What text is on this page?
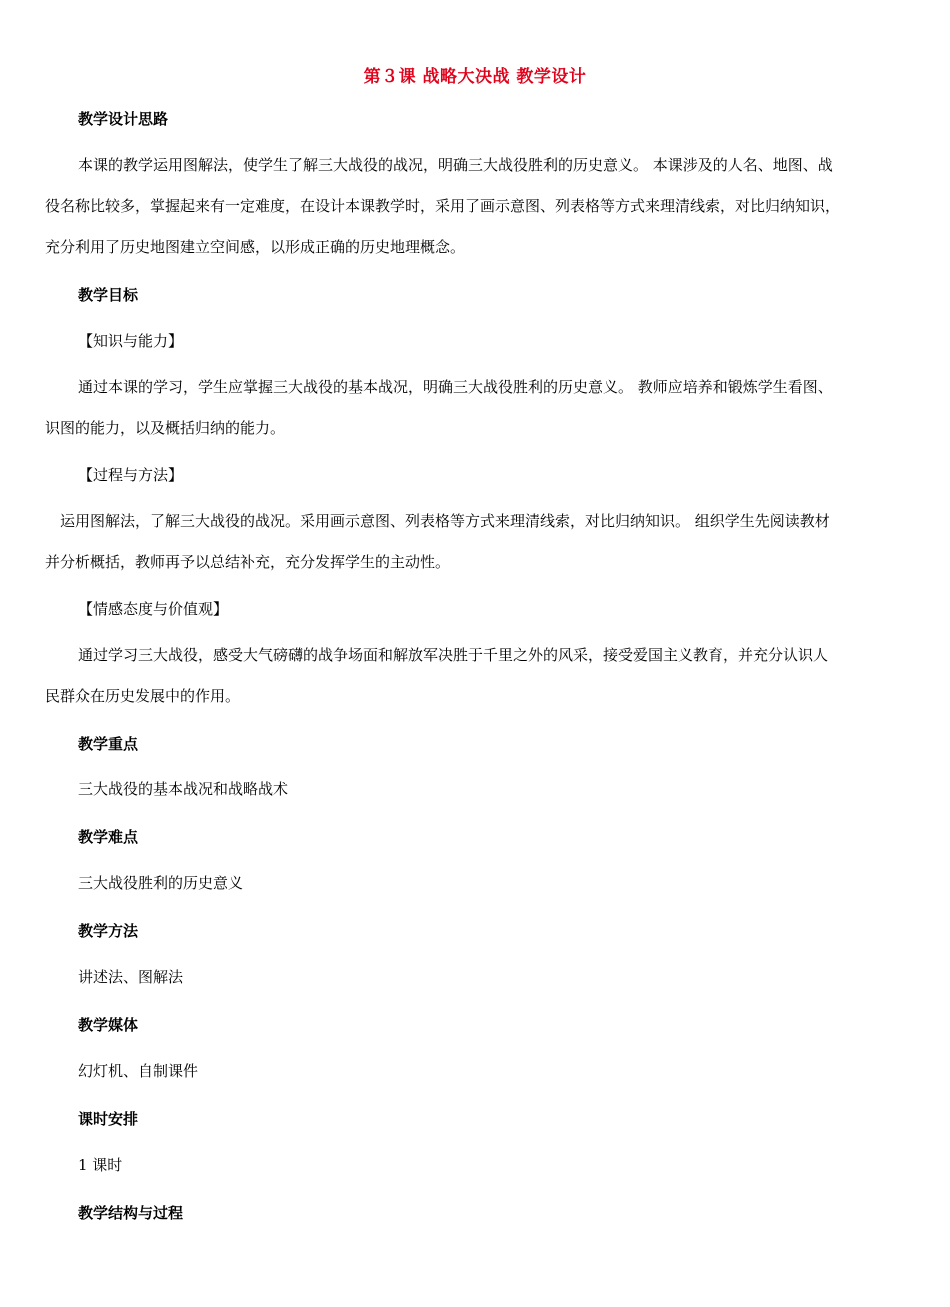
第３课 战略大决战 教学设计
教学设计思路
本课的教学运用图解法，使学生了解三大战役的战况，明确三大战役胜利的历史意义。 本课涉及的人名、地图、战
役名称比较多，掌握起来有一定难度，在设计本课教学时，采用了画示意图、列表格等方式来理清线索，对比归纳知识，
充分利用了历史地图建立空间感，以形成正确的历史地理概念。
教学目标
【知识与能力】
通过本课的学习，学生应掌握三大战役的基本战况，明确三大战役胜利的历史意义。 教师应培养和锻炼学生看图、
识图的能力，以及概括归纳的能力。
【过程与方法】
运用图解法，了解三大战役的战况。采用画示意图、列表格等方式来理清线索，对比归纳知识。 组织学生先阅读教材
并分析概括，教师再予以总结补充，充分发挥学生的主动性。
【情感态度与价值观】
通过学习三大战役，感受大气磅礴的战争场面和解放军决胜于千里之外的风采，接受爱国主义教育，并充分认识人
民群众在历史发展中的作用。
教学重点
三大战役的基本战况和战略战术
教学难点
三大战役胜利的历史意义
教学方法
讲述法、图解法
教学媒体
幻灯机、自制课件
课时安排
1 课时
教学结构与过程
